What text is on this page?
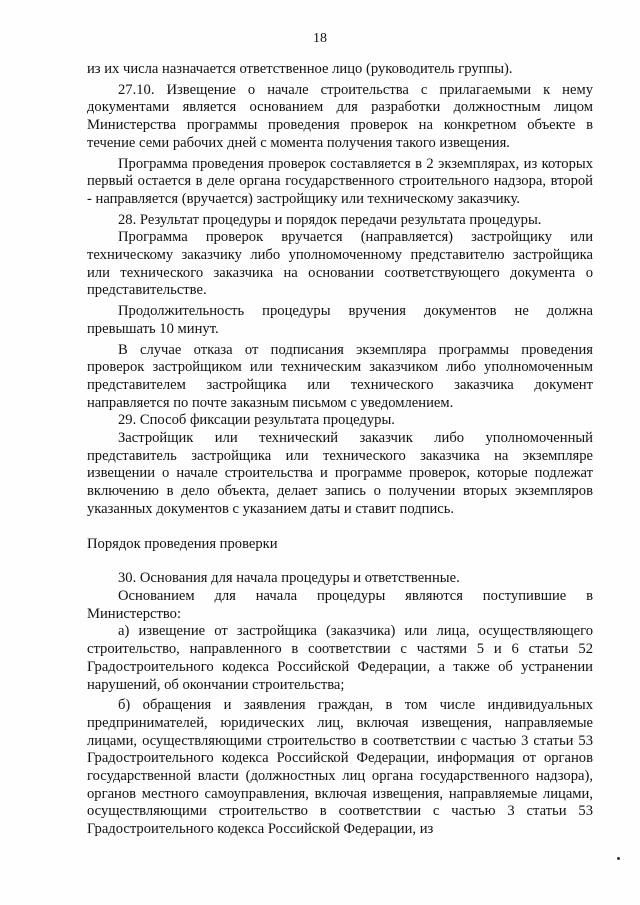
18

из их числа назначается ответственное лицо (руководитель группы).

27.10. Извещение о начале строительства с прилагаемыми к нему документами является основанием для разработки должностным лицом Министерства программы проведения проверок на конкретном объекте в течение семи рабочих дней с момента получения такого извещения.

Программа проведения проверок составляется в 2 экземплярах, из которых первый остается в деле органа государственного строительного надзора, второй - направляется (вручается) застройщику или техническому заказчику.

28. Результат процедуры и порядок передачи результата процедуры.

Программа проверок вручается (направляется) застройщику или техническому заказчику либо уполномоченному представителю застройщика или технического заказчика на основании соответствующего документа о представительстве.

Продолжительность процедуры вручения документов не должна превышать 10 минут.

В случае отказа от подписания экземпляра программы проведения проверок застройщиком или техническим заказчиком либо уполномоченным представителем застройщика или технического заказчика документ направляется по почте заказным письмом с уведомлением.

29. Способ фиксации результата процедуры.

Застройщик или технический заказчик либо уполномоченный представитель застройщика или технического заказчика на экземпляре извещении о начале строительства и программе проверок, которые подлежат включению в дело объекта, делает запись о получении вторых экземпляров указанных документов с указанием даты и ставит подпись.

Порядок проведения проверки

30. Основания для начала процедуры и ответственные.

Основанием для начала процедуры являются поступившие в Министерство:

а) извещение от застройщика (заказчика) или лица, осуществляющего строительство, направленного в соответствии с частями 5 и 6 статьи 52 Градостроительного кодекса Российской Федерации, а также об устранении нарушений, об окончании строительства;

б) обращения и заявления граждан, в том числе индивидуальных предпринимателей, юридических лиц, включая извещения, направляемые лицами, осуществляющими строительство в соответствии с частью 3 статьи 53 Градостроительного кодекса Российской Федерации, информация от органов государственной власти (должностных лиц органа государственного надзора), органов местного самоуправления, включая извещения, направляемые лицами, осуществляющими строительство в соответствии с частью 3 статьи 53 Градостроительного кодекса Российской Федерации, из
